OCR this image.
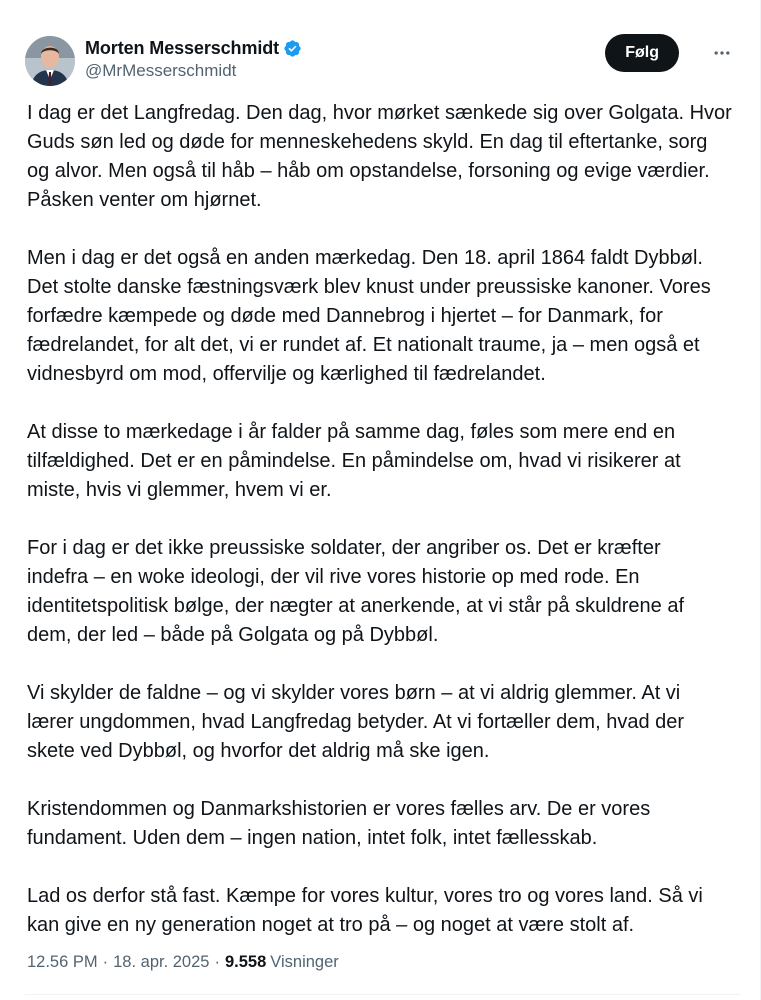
Morten Messerschmidt
@MrMesserschmidt
Følg

I dag er det Langfredag. Den dag, hvor mørket sænkede sig over Golgata. Hvor
Guds søn led og døde for menneskehedens skyld. En dag til eftertanke, sorg
og alvor. Men også til håb – håb om opstandelse, forsoning og evige værdier.
Påsken venter om hjørnet.

Men i dag er det også en anden mærkedag. Den 18. april 1864 faldt Dybbøl.
Det stolte danske fæstningsværk blev knust under preussiske kanoner. Vores
forfædre kæmpede og døde med Dannebrog i hjertet – for Danmark, for
fædrelandet, for alt det, vi er rundet af. Et nationalt traume, ja – men også et
vidnesbyrd om mod, offervilje og kærlighed til fædrelandet.

At disse to mærkedage i år falder på samme dag, føles som mere end en
tilfældighed. Det er en påmindelse. En påmindelse om, hvad vi risikerer at
miste, hvis vi glemmer, hvem vi er.

For i dag er det ikke preussiske soldater, der angriber os. Det er kræfter
indefra – en woke ideologi, der vil rive vores historie op med rode. En
identitetspolitisk bølge, der nægter at anerkende, at vi står på skuldrene af
dem, der led – både på Golgata og på Dybbøl.

Vi skylder de faldne – og vi skylder vores børn – at vi aldrig glemmer. At vi
lærer ungdommen, hvad Langfredag betyder. At vi fortæller dem, hvad der
skete ved Dybbøl, og hvorfor det aldrig må ske igen.

Kristendommen og Danmarkshistorien er vores fælles arv. De er vores
fundament. Uden dem – ingen nation, intet folk, intet fællesskab.

Lad os derfor stå fast. Kæmpe for vores kultur, vores tro og vores land. Så vi
kan give en ny generation noget at tro på – og noget at være stolt af.

12.56 PM · 18. apr. 2025 · 9.558 Visninger
